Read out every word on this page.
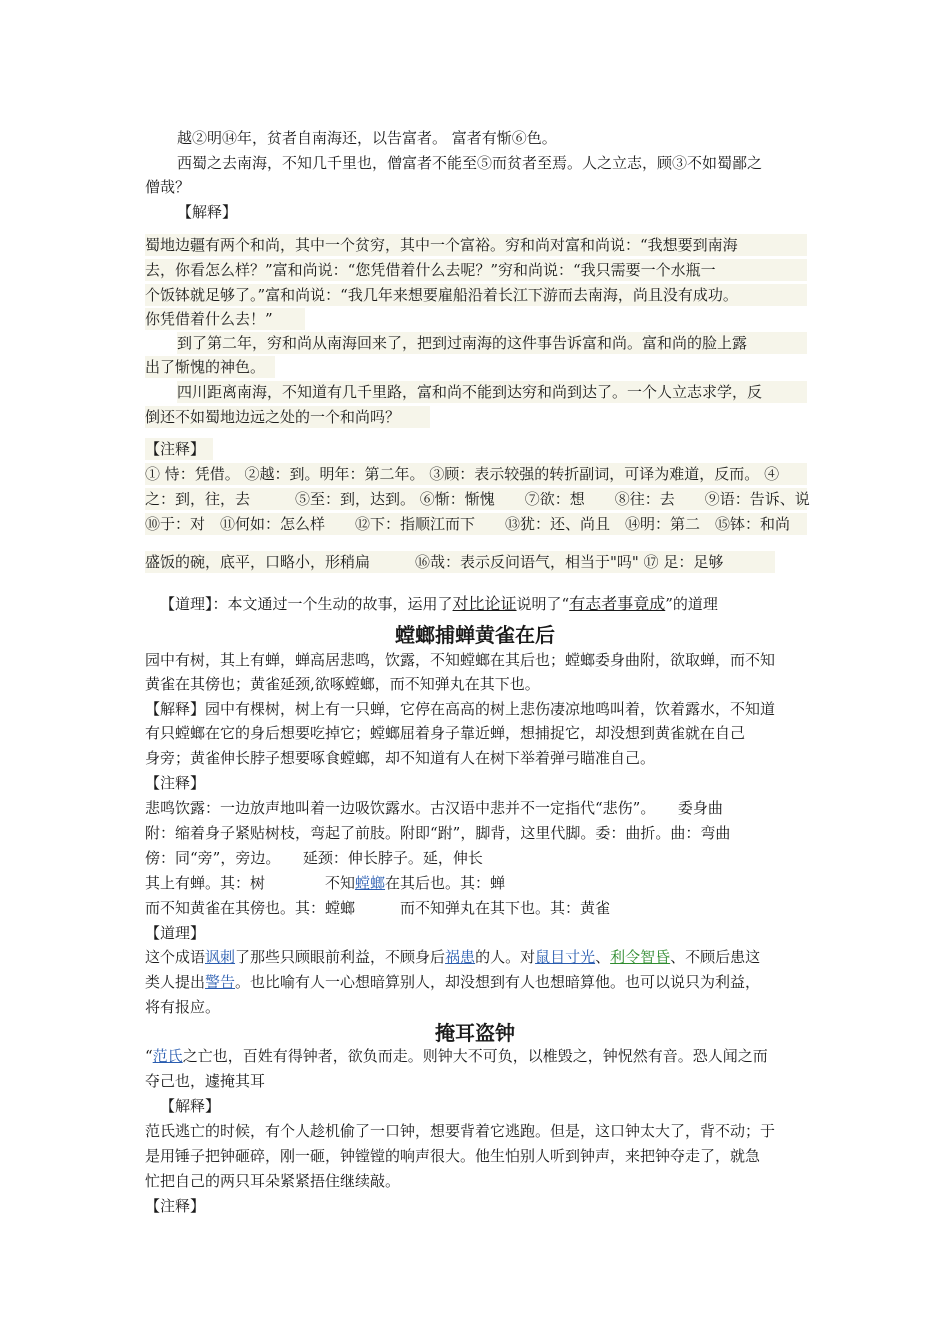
越②明⑭年，贫者自南海还，以告富者。 富者有惭⑥色。
西蜀之去南海，不知几千里也，僧富者不能至⑤而贫者至焉。人之立志，顾③不如蜀鄙之
僧哉？
【解释】
蜀地边疆有两个和尚，其中一个贫穷，其中一个富裕。穷和尚对富和尚说：“我想要到南海
去，你看怎么样？”富和尚说：“您凭借着什么去呢？”穷和尚说：“我只需要一个水瓶一
个饭钵就足够了。”富和尚说：“我几年来想要雇船沿着长江下游而去南海，尚且没有成功。
你凭借着什么去！”
到了第二年，穷和尚从南海回来了，把到过南海的这件事告诉富和尚。富和尚的脸上露
出了惭愧的神色。
四川距离南海，不知道有几千里路，富和尚不能到达穷和尚到达了。一个人立志求学，反
倒还不如蜀地边远之处的一个和尚吗？
【注释】
① 恃：凭借。 ②越：到。明年：第二年。 ③顾：表示较强的转折副词，可译为难道，反而。 ④
之：到，往，去　　　⑤至：到，达到。 ⑥惭：惭愧　　⑦欲：想　　⑧往：去　　⑨语：告诉、说
⑩于：对　⑪何如：怎么样　　⑫下：指顺江而下　　⑬犹：还、尚且　⑭明：第二　⑮钵：和尚
盛饭的碗，底平，口略小，形稍扁　　　⑯哉：表示反问语气，相当于"吗" ⑰ 足：足够
【道理】：本文通过一个生动的故事，运用了对比论证说明了“有志者事竟成”的道理
螳螂捕蝉黄雀在后
园中有树，其上有蝉，蝉高居悲鸣，饮露，不知螳螂在其后也；螳螂委身曲附，欲取蝉，而不知
黄雀在其傍也；黄雀延颈,欲啄螳螂，而不知弹丸在其下也。
【解释】园中有棵树，树上有一只蝉，它停在高高的树上悲伤凄凉地鸣叫着，饮着露水，不知道
有只螳螂在它的身后想要吃掉它；螳螂屈着身子靠近蝉，想捕捉它，却没想到黄雀就在自己
身旁；黄雀伸长脖子想要啄食螳螂，却不知道有人在树下举着弹弓瞄准自己。
【注释】
悲鸣饮露：一边放声地叫着一边吸饮露水。古汉语中悲并不一定指代“悲伤”。　　委身曲
附：缩着身子紧贴树枝，弯起了前肢。附即“跗”，脚背，这里代脚。委：曲折。曲：弯曲
傍：同“旁”，旁边。　　延颈：伸长脖子。延，伸长
其上有蝉。其：树　　　　不知螳螂在其后也。其：蝉
而不知黄雀在其傍也。其：螳螂　　　而不知弹丸在其下也。其：黄雀
【道理】
这个成语讽刺了那些只顾眼前利益，不顾身后祸患的人。对鼠目寸光、利令智昏、不顾后患这
类人提出警告。也比喻有人一心想暗算别人，却没想到有人也想暗算他。也可以说只为利益，
将有报应。
掩耳盗钟
“范氏之亡也，百姓有得钟者，欲负而走。则钟大不可负，以椎毁之，钟怳然有音。恐人闻之而
夺己也，遽掩其耳
【解释】
范氏逃亡的时候，有个人趁机偷了一口钟，想要背着它逃跑。但是，这口钟太大了，背不动；于
是用锤子把钟砸碎，刚一砸，钟镗镗的响声很大。他生怕别人听到钟声，来把钟夺走了，就急
忙把自己的两只耳朵紧紧捂住继续敲。
【注释】
